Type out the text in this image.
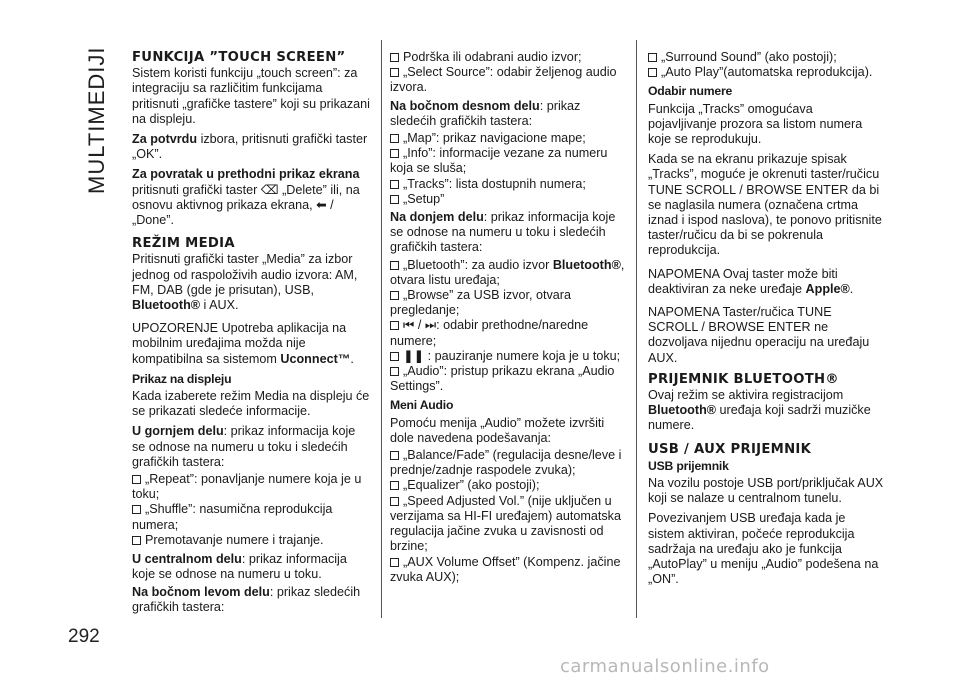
MULTIMEDIJI
292
FUNKCIJA ”TOUCH SCREEN”

Sistem koristi funkciju „touch screen”: za integraciju sa različitim funkcijama pritisnuti „grafičke tastere” koji su prikazani na displeju.

Za potvrdu izbora, pritisnuti grafički taster „OK”.

Za povratak u prethodni prikaz ekrana pritisnuti grafički taster ⌫ „Delete” ili, na osnovu aktivnog prikaza ekrana, ⬅ /„Done”.

REŽIM MEDIA

Pritisnuti grafički taster „Media” za izbor jednog od raspoloživih audio izvora: AM, FM, DAB (gde je prisutan), USB, Bluetooth® i AUX.

UPOZORENJE Upotreba aplikacija na mobilnim uređajima možda nije kompatibilna sa sistemom Uconnect™.

Prikaz na displeju

Kada izaberete režim Media na displeju će se prikazati sledeće informacije.

U gornjem delu: prikaz informacija koje se odnose na numeru u toku i sledećih grafičkih tastera:

„Repeat”: ponavljanje numere koja je u toku;
„Shuffle”: nasumična reprodukcija numera;
Premotavanje numere i trajanje.

U centralnom delu: prikaz informacija koje se odnose na numeru u toku.

Na bočnom levom delu: prikaz sledećih grafičkih tastera:

Podrška ili odabrani audio izvor;
„Select Source”: odabir željenog audio izvora.

Na bočnom desnom delu: prikaz sledećih grafičkih tastera:

„Map”: prikaz navigacione mape;
„Info”: informacije vezane za numeru koja se sluša;
„Tracks”: lista dostupnih numera;
„Setup”

Na donjem delu: prikaz informacija koje se odnose na numeru u toku i sledećih grafičkih tastera:

„Bluetooth”: za audio izvor Bluetooth®, otvara listu uređaja;
„Browse” za USB izvor, otvara pregledanje;
⏮ / ⏭: odabir prethodne/naredne numere;
❚❚ : pauziranje numere koja je u toku;
„Audio”: pristup prikazu ekrana „Audio Settings”.
Meni Audio

Pomoću menija „Audio” možete izvršiti dole navedena podešavanja:

„Balance/Fade” (regulacija desne/leve i prednje/zadnje raspodele zvuka);
„Equalizer” (ako postoji);
„Speed Adjusted Vol.” (nije uključen u verzijama sa HI-FI uređajem) automatska regulacija jačine zvuka u zavisnosti od brzine;
„AUX Volume Offset” (Kompenz. jačine zvuka AUX);
„Surround Sound” (ako postoji);
„Auto Play”(automatska reprodukcija).
Odabir numere

Funkcija „Tracks” omogućava pojavljivanje prozora sa listom numera koje se reprodukuju.

Kada se na ekranu prikazuje spisak „Tracks”, moguće je okrenuti taster/ručicu TUNE SCROLL / BROWSE ENTER da bi se naglasila numera (označena crtma iznad i ispod naslova), te ponovo pritisnite taster/ručicu da bi se pokrenula reprodukcija.

NAPOMENA Ovaj taster može biti deaktiviran za neke uređaje Apple®.

NAPOMENA Taster/ručica TUNE SCROLL / BROWSE ENTER ne dozvoljava nijednu operaciju na uređaju AUX.

PRIJEMNIK BLUETOOTH®

Ovaj režim se aktivira registracijom Bluetooth® uređaja koji sadrži muzičke numere.

USB / AUX PRIJEMNIK
USB prijemnik

Na vozilu postoje USB port/priključak AUX koji se nalaze u centralnom tunelu.

Povezivanjem USB uređaja kada je sistem aktiviran, počeće reprodukcija sadržaja na uređaju ako je funkcija „AutoPlay” u meniju „Audio” podešena na „ON”.

carmanualsonline.info
